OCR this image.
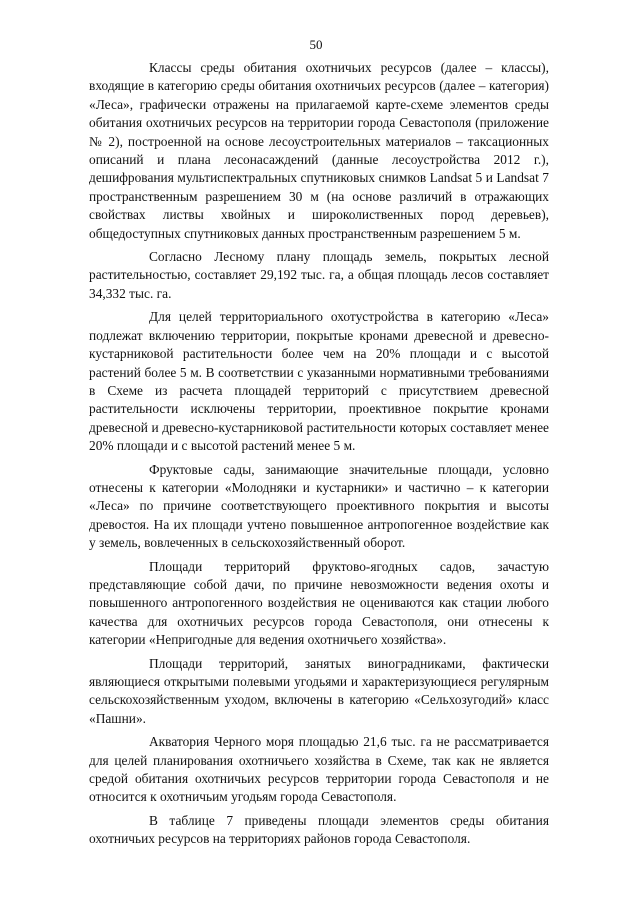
50

Классы среды обитания охотничьих ресурсов (далее – классы), входящие в категорию среды обитания охотничьих ресурсов (далее – категория) «Леса», графически отражены на прилагаемой карте-схеме элементов среды обитания охотничьих ресурсов на территории города Севастополя (приложение № 2), построенной на основе лесоустроительных материалов – таксационных описаний и плана лесонасаждений (данные лесоустройства 2012 г.), дешифрования мультиспектральных спутниковых снимков Landsat 5 и Landsat 7 пространственным разрешением 30 м (на основе различий в отражающих свойствах листвы хвойных и широколиственных пород деревьев), общедоступных спутниковых данных пространственным разрешением 5 м.

Согласно Лесному плану площадь земель, покрытых лесной растительностью, составляет 29,192 тыс. га, а общая площадь лесов составляет 34,332 тыс. га.

Для целей территориального охотустройства в категорию «Леса» подлежат включению территории, покрытые кронами древесной и древесно-кустарниковой растительности более чем на 20% площади и с высотой растений более 5 м. В соответствии с указанными нормативными требованиями в Схеме из расчета площадей территорий с присутствием древесной растительности исключены территории, проективное покрытие кронами древесной и древесно-кустарниковой растительности которых составляет менее 20% площади и с высотой растений менее 5 м.

Фруктовые сады, занимающие значительные площади, условно отнесены к категории «Молодняки и кустарники» и частично – к категории «Леса» по причине соответствующего проективного покрытия и высоты древостоя. На их площади учтено повышенное антропогенное воздействие как у земель, вовлеченных в сельскохозяйственный оборот.

Площади территорий фруктово-ягодных садов, зачастую представляющие собой дачи, по причине невозможности ведения охоты и повышенного антропогенного воздействия не оцениваются как стации любого качества для охотничьих ресурсов города Севастополя, они отнесены к категории «Непригодные для ведения охотничьего хозяйства».

Площади территорий, занятых виноградниками, фактически являющиеся открытыми полевыми угодьями и характеризующиеся регулярным сельскохозяйственным уходом, включены в категорию «Сельхозугодий» класс «Пашни».

Акватория Черного моря площадью 21,6 тыс. га не рассматривается для целей планирования охотничьего хозяйства в Схеме, так как не является средой обитания охотничьих ресурсов территории города Севастополя и не относится к охотничьим угодьям города Севастополя.

В таблице 7 приведены площади элементов среды обитания охотничьих ресурсов на территориях районов города Севастополя.
